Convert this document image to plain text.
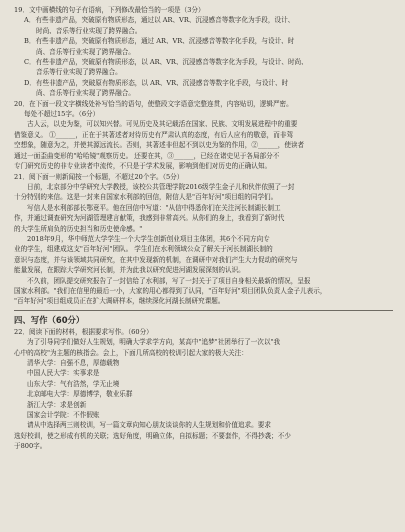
19．文中画横线的句子有语病，下列修改最恰当的一项是（3分）

A．有些非遗产品，突破原有物质形态，通过以 AR、VR、沉浸感音等数字化为手段，设计、

时尚、音乐等行业实现了跨界融合。

B．有些非遗产品，突破原有物质形态，通过 AR、VR、沉浸感音等数字化手段，与设计、时

尚、音乐等行业实现了跨界融合。

C．有些非遗产品，突破原有物质形态，以 AR、VR、沉浸感音等数字化为手段，与设计、时尚、

音乐等行业实现了跨界融合。

D．有些非遗产品，突破原有物质形态，以 AR、VR、沉浸感音等数字化手段，与设计、时

尚、音乐等行业实现了跨界融合。

20．在下面一段文字横线处补写恰当的语句，使整段文字语意完整连贯，内容贴切，逻辑严密。

每处不超过15字。（6分）

古人云，以史为鉴，可以知兴替。可见历史及其记载活在国家、民族、文明发展进程中的重要

借鉴意义。 ①______，正在于其著述者对待历史有严肃认真的态度，有后人应有的敬意，而非驾

空想象，随意为之，并使其源远流长。否则，其著述非但起不到以史为鉴的作用，②______，使读者

通过一面歪曲变形的"哈哈镜"观察历史。 还要在其，③______，已经在诸史见于各局部分不

专门研究历史的非专业读者中流传，不只是于学术发展，影响到他们对历史的正确认知。

21．阅下面一则新闻按一个标题，不超过20个字。（5分）

日前，北京部分中学研究大学教授，该校公共管理学院2016级学生金子儿和伙伴依照了一封

十分特别的来信。这是一封来自国家水利部的回信，附信人是"百年好河"项目组的同学们。

写信人是水利部部长鄂竟平。他在回信中写道："从信中得悉你们在关注河长制湖长制工

作，并通过调查研究为河湖管理建言献策，我感到非常高兴。从你们的身上，我看到了新时代

的大学生所肩负的历史担当和历史使命感。"

2018年9月，华中师范大学学生一个大学生创新创业项目主体团，其6个不同方向专

业的学生，组建成这支"百年好河"团队。 学生们在水利领域公众了解关于河长制湖长制的

意识与态度，并与该领域共同研究，在其中发现新的机制，在调研中对我们产生大力促动的研究与

能量发展，在跟踪大学研究河长制，并为此我以研究促进河湖发展深刻的认识。

不久前，团队提交研究报告了一封信给了水利部，写了一封关于了项目自身相关最新的情况，呈报

国家水利部。"我们在信里的最后一小，大家的用心都得到了认同，"百年好河"项目团队负责人金子儿表示，

"百年好河"项目组成员正在扩大调研样本，继续深化河湖长制研究课题。

四、写作（60分）

22．阅读下面的材料，根据要求写作。（60分）

为了引导同学们做好人生规划，明确大学求学方向，某高中"追梦"社团举行了一次以"我

心中的高校"为主题的核指会。会上，下面几所高校的校训引起大家的极大关注：

清华大学：自强不息，厚德载物

中国人民大学：实事求是

山东大学：气有浩然，学无止境

北京邮电大学：厚德博学，敬业乐群

浙江大学：求是创新

国家会计学院：不作假账

请从中选择两三则校训，写一篇文章向知心朋友谈谈你的人生规划和价值追求。要求

选好校训，使之形成有机的关联；选好角度，明确立体，自拟标题；不要套作，不得抄袭；不少

于800字。
